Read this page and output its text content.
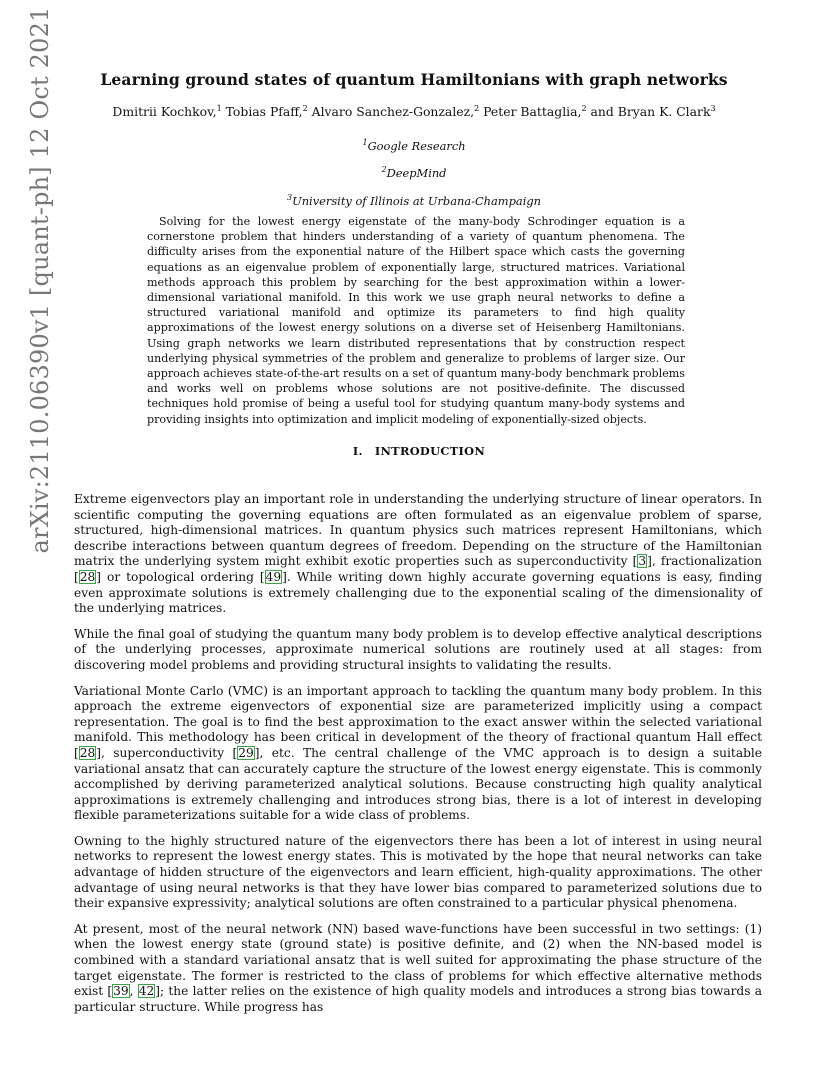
arXiv:2110.06390v1 [quant-ph] 12 Oct 2021	Learning ground states of quantum Hamiltonians with graph networks
Dmitrii Kochkov,$^1$ Tobias Pfaff,$^2$ Alvaro Sanchez-Gonzalez,$^2$ Peter Battaglia,$^2$ and Bryan K. Clark$^3$
$^1$Google Research
$^2$DeepMind
$^3$University of Illinois at Urbana-Champaign
Solving for the lowest energy eigenstate of the many-body Schrodinger equation is a cornerstone problem that hinders understanding of a variety of quantum phenomena. The difficulty arises from the exponential nature of the Hilbert space which casts the governing equations as an eigenvalue problem of exponentially large, structured matrices. Variational methods approach this problem by searching for the best approximation within a lower-dimensional variational manifold. In this work we use graph neural networks to define a structured variational manifold and optimize its parameters to find high quality approximations of the lowest energy solutions on a diverse set of Heisenberg Hamiltonians. Using graph networks we learn distributed representations that by construction respect underlying physical symmetries of the problem and generalize to problems of larger size. Our approach achieves state-of-the-art results on a set of quantum many-body benchmark problems and works well on problems whose solutions are not positive-definite. The discussed techniques hold promise of being a useful tool for studying quantum many-body systems and providing insights into optimization and implicit modeling of exponentially-sized objects.
I. INTRODUCTION

Extreme eigenvectors play an important role in understanding the underlying structure of linear operators. In scientific computing the governing equations are often formulated as an eigenvalue problem of sparse, structured, high-dimensional matrices. In quantum physics such matrices represent Hamiltonians, which describe interactions between quantum degrees of freedom. Depending on the structure of the Hamiltonian matrix the underlying system might exhibit exotic properties such as superconductivity [3], fractionalization [28] or topological ordering [49]. While writing down highly accurate governing equations is easy, finding even approximate solutions is extremely challenging due to the exponential scaling of the dimensionality of the underlying matrices.

While the final goal of studying the quantum many body problem is to develop effective analytical descriptions of the underlying processes, approximate numerical solutions are routinely used at all stages: from discovering model problems and providing structural insights to validating the results.

Variational Monte Carlo (VMC) is an important approach to tackling the quantum many body problem. In this approach the extreme eigenvectors of exponential size are parameterized implicitly using a compact representation. The goal is to find the best approximation to the exact answer within the selected variational manifold. This methodology has been critical in development of the theory of fractional quantum Hall effect [28], superconductivity [29], etc. The central challenge of the VMC approach is to design a suitable variational ansatz that can accurately capture the structure of the lowest energy eigenstate. This is commonly accomplished by deriving parameterized analytical solutions. Because constructing high quality analytical approximations is extremely challenging and introduces strong bias, there is a lot of interest in developing flexible parameterizations suitable for a wide class of problems.

Owning to the highly structured nature of the eigenvectors there has been a lot of interest in using neural networks to represent the lowest energy states. This is motivated by the hope that neural networks can take advantage of hidden structure of the eigenvectors and learn efficient, high-quality approximations. The other advantage of using neural networks is that they have lower bias compared to parameterized solutions due to their expansive expressivity; analytical solutions are often constrained to a particular physical phenomena.

At present, most of the neural network (NN) based wave-functions have been successful in two settings: (1) when the lowest energy state (ground state) is positive definite, and (2) when the NN-based model is combined with a standard variational ansatz that is well suited for approximating the phase structure of the target eigenstate. The former is restricted to the class of problems for which effective alternative methods exist [39, 42]; the latter relies on the existence of high quality models and introduces a strong bias towards a particular structure. While progress has
